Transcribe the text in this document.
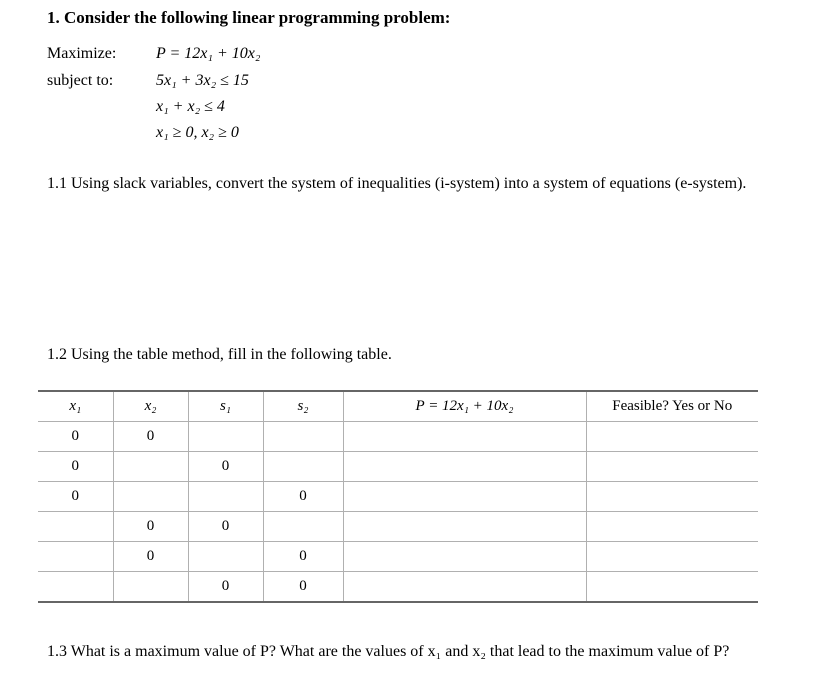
1. Consider the following linear programming problem:
Maximize: P = 12x₁ + 10x₂
subject to:	5x₁ + 3x₂ ≤ 15
x₁ + x₂ ≤ 4
x₁ ≥ 0, x₂ ≥ 0
1.1 Using slack variables, convert the system of inequalities (i-system) into a system of equations (e-system).
1.2 Using the table method, fill in the following table.
x₁	x₂	s₁	s₂	P = 12x₁ + 10x₂	Feasible? Yes or No
0	0				
0		0			
0			0		
	0	0			
	0		0		
		0	0		
1.3 What is a maximum value of P? What are the values of x₁ and x₂ that lead to the maximum value of P?
